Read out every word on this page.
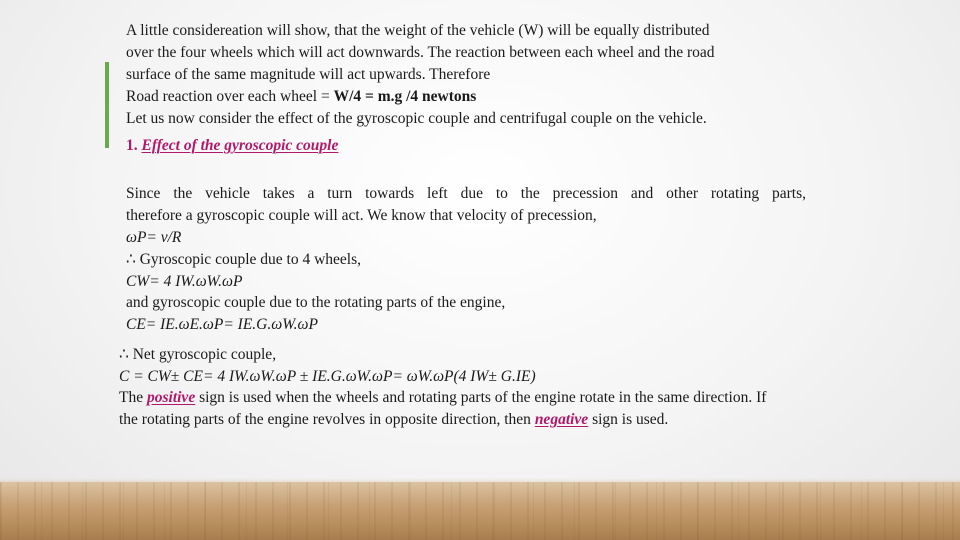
A little considereation will show, that the weight of the vehicle (W) will be equally distributed
over the four wheels which will act downwards. The reaction between each wheel and the road
surface of the same magnitude will act upwards. Therefore
Road reaction over each wheel = W/4 = m.g /4 newtons
Let us now consider the effect of the gyroscopic couple and centrifugal couple on the vehicle.
1. Effect of the gyroscopic couple
Since the vehicle takes a turn towards left due to the precession and other rotating parts,
therefore a gyroscopic couple will act. We know that velocity of precession,
ωP= v/R
∴ Gyroscopic couple due to 4 wheels,
CW= 4 IW.ωW.ωP
and gyroscopic couple due to the rotating parts of the engine,
CE= IE.ωE.ωP= IE.G.ωW.ωP
∴ Net gyroscopic couple,
C = CW± CE= 4 IW.ωW.ωP ± IE.G.ωW.ωP= ωW.ωP(4 IW± G.IE)
The positive sign is used when the wheels and rotating parts of the engine rotate in the same direction. If
the rotating parts of the engine revolves in opposite direction, then negative sign is used.
